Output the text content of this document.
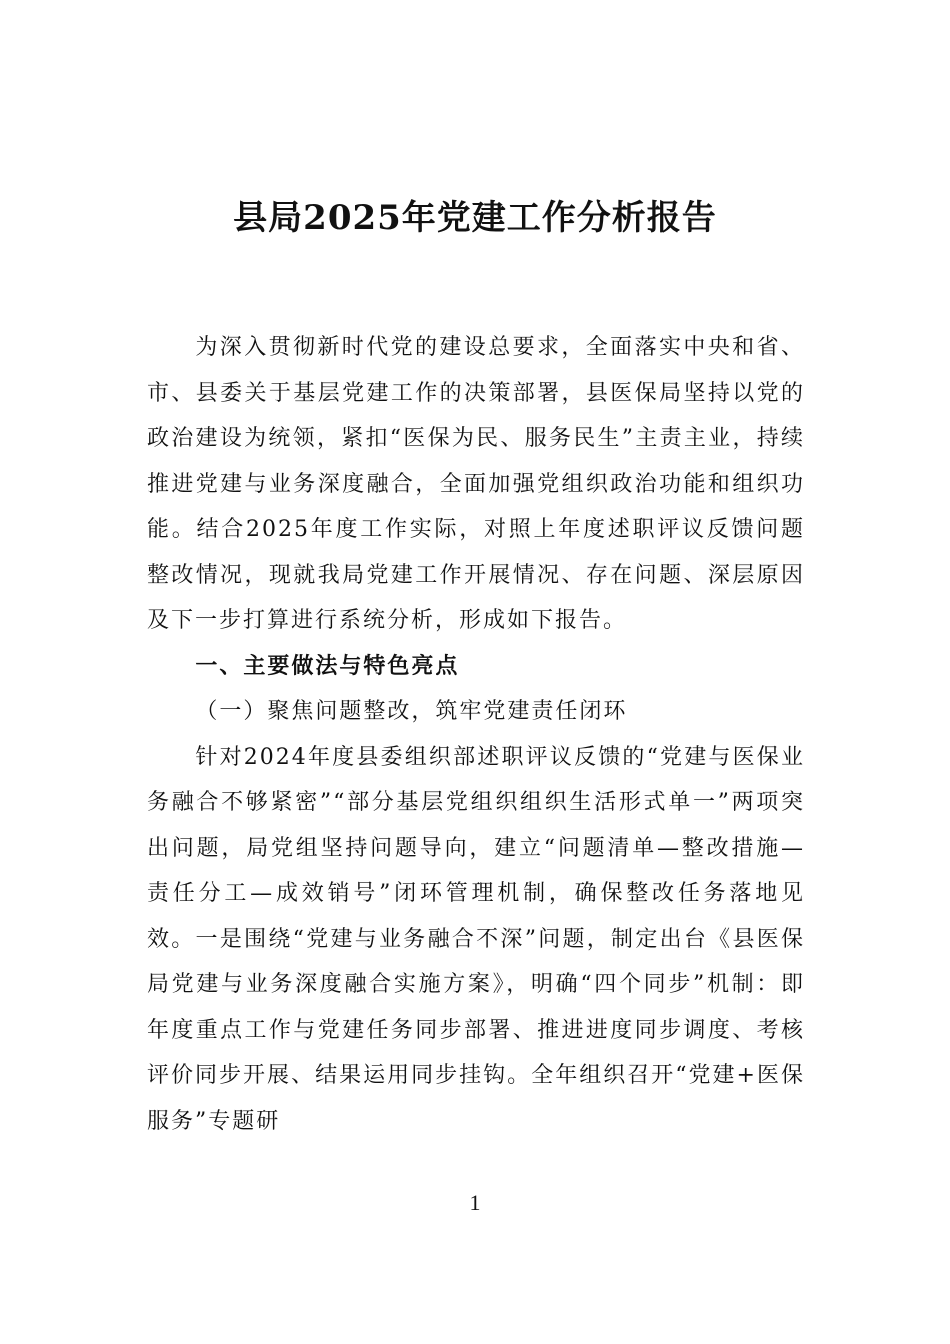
县局2025年党建工作分析报告

为深入贯彻新时代党的建设总要求，全面落实中央和省、市、县委关于基层党建工作的决策部署，县医保局坚持以党的政治建设为统领，紧扣“医保为民、服务民生”主责主业，持续推进党建与业务深度融合，全面加强党组织政治功能和组织功能。结合2025年度工作实际，对照上年度述职评议反馈问题整改情况，现就我局党建工作开展情况、存在问题、深层原因及下一步打算进行系统分析，形成如下报告。

一、主要做法与特色亮点
（一）聚焦问题整改，筑牢党建责任闭环

针对2024年度县委组织部述职评议反馈的“党建与医保业务融合不够紧密”“部分基层党组织组织生活形式单一”两项突出问题，局党组坚持问题导向，建立“问题清单—整改措施—责任分工—成效销号”闭环管理机制，确保整改任务落地见效。一是围绕“党建与业务融合不深”问题，制定出台《县医保局党建与业务深度融合实施方案》，明确“四个同步”机制：即年度重点工作与党建任务同步部署、推进进度同步调度、考核评价同步开展、结果运用同步挂钩。全年组织召开“党建+医保服务”专题研

1
